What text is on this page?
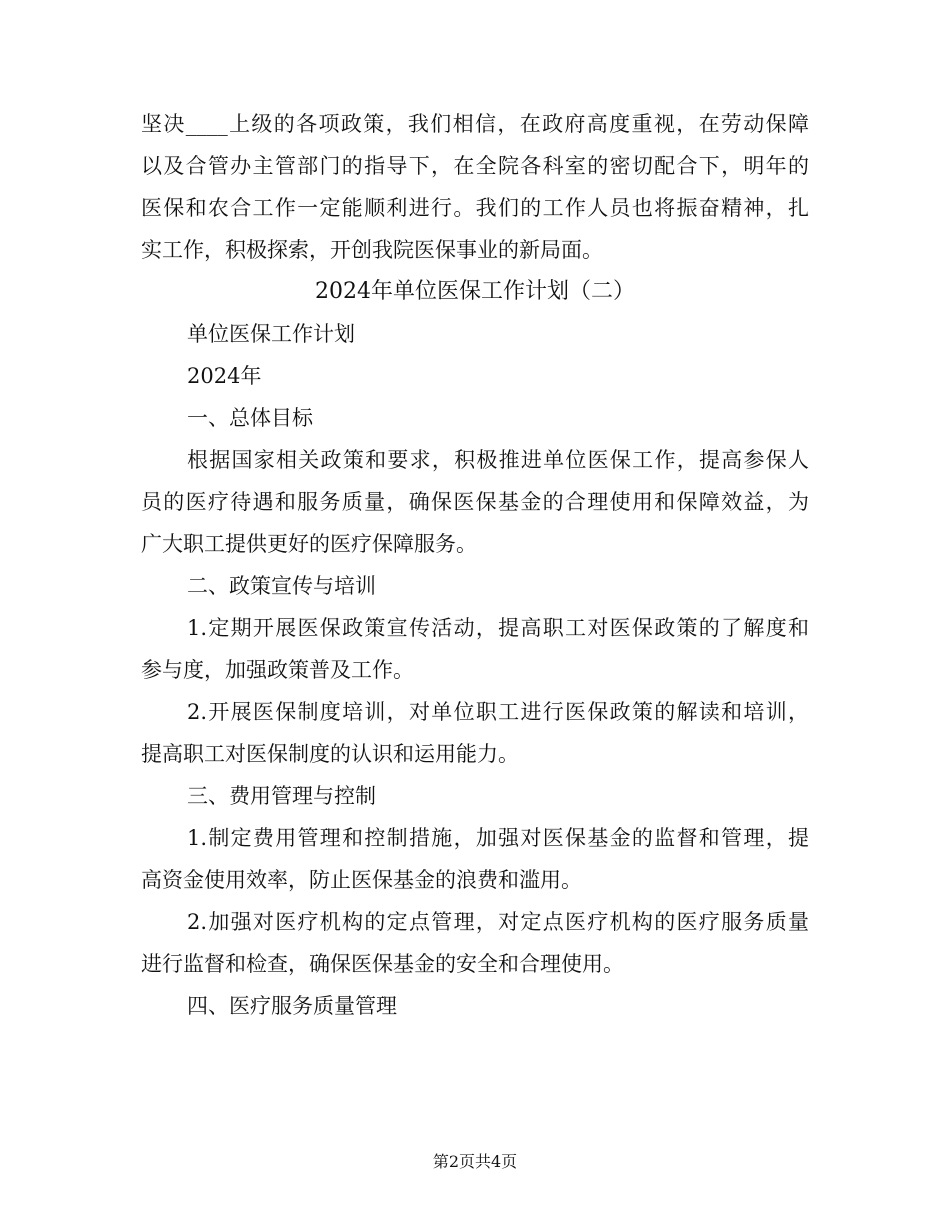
坚决____上级的各项政策，我们相信，在政府高度重视，在劳动保障
以及合管办主管部门的指导下，在全院各科室的密切配合下，明年的
医保和农合工作一定能顺利进行。我们的工作人员也将振奋精神，扎
实工作，积极探索，开创我院医保事业的新局面。
2024年单位医保工作计划（二）
单位医保工作计划
2024年
一、总体目标
根据国家相关政策和要求，积极推进单位医保工作，提高参保人
员的医疗待遇和服务质量，确保医保基金的合理使用和保障效益，为
广大职工提供更好的医疗保障服务。
二、政策宣传与培训
1.定期开展医保政策宣传活动，提高职工对医保政策的了解度和
参与度，加强政策普及工作。
2.开展医保制度培训，对单位职工进行医保政策的解读和培训，
提高职工对医保制度的认识和运用能力。
三、费用管理与控制
1.制定费用管理和控制措施，加强对医保基金的监督和管理，提
高资金使用效率，防止医保基金的浪费和滥用。
2.加强对医疗机构的定点管理，对定点医疗机构的医疗服务质量
进行监督和检查，确保医保基金的安全和合理使用。
四、医疗服务质量管理
第2页共4页
